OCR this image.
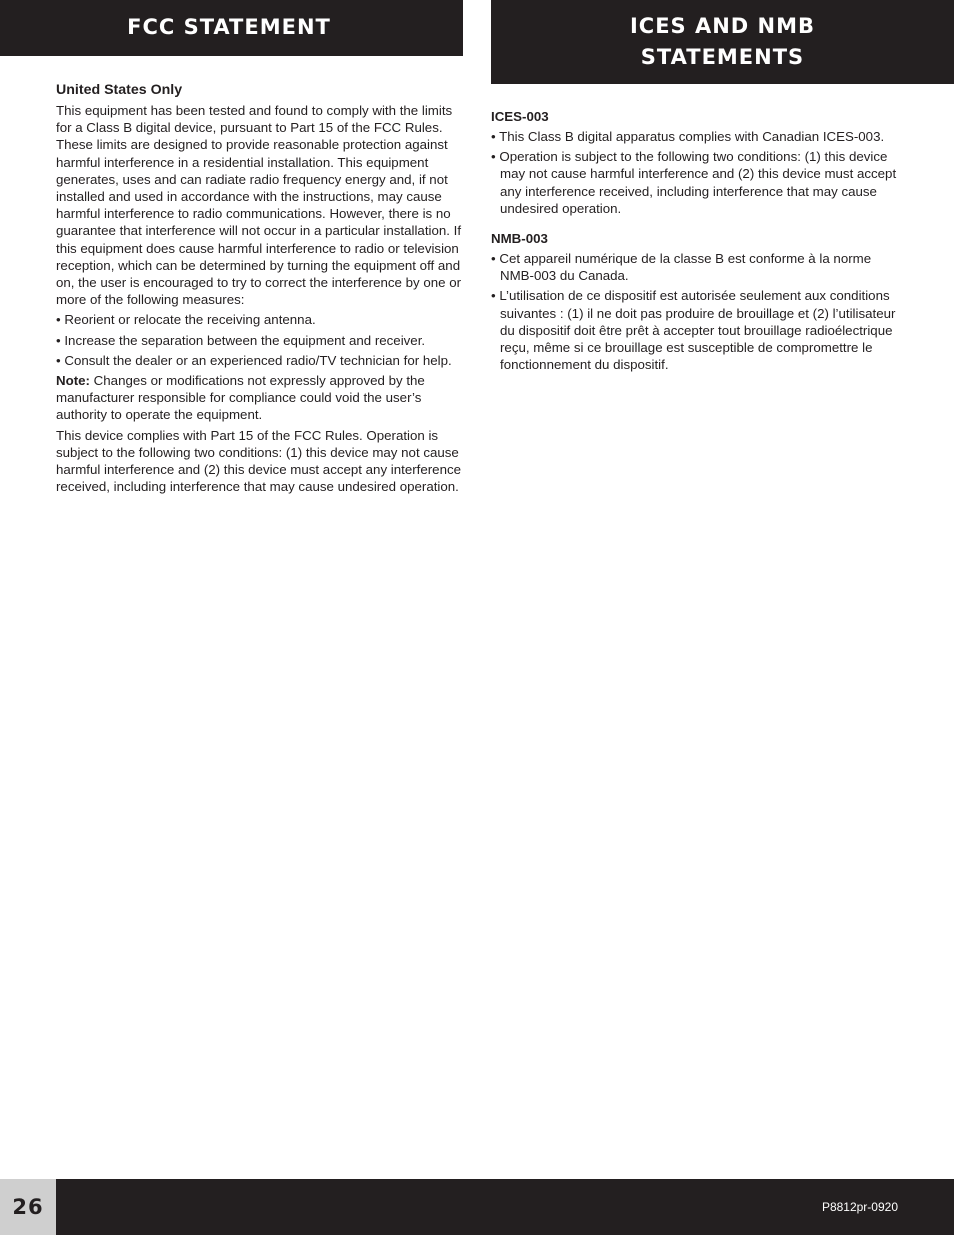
FCC STATEMENT	ICES AND NMB
STATEMENTS
United States Only

This equipment has been tested and found to comply with the limits for a Class B digital device, pursuant to Part 15 of the FCC Rules. These limits are designed to provide reasonable protection against harmful interference in a residential installation. This equipment generates, uses and can radiate radio frequency energy and, if not installed and used in accordance with the instructions, may cause harmful interference to radio communications. However, there is no guarantee that interference will not occur in a particular installation. If this equipment does cause harmful interference to radio or television reception, which can be determined by turning the equipment off and on, the user is encouraged to try to correct the interference by one or more of the following measures:

• Reorient or relocate the receiving antenna.
• Increase the separation between the equipment and receiver.
• Consult the dealer or an experienced radio/TV technician for help.

Note: Changes or modifications not expressly approved by the manufacturer responsible for compliance could void the user’s authority to operate the equipment.

This device complies with Part 15 of the FCC Rules. Operation is subject to the following two conditions: (1) this device may not cause harmful interference and (2) this device must accept any interference received, including interference that may cause undesired operation.

ICES-003
• This Class B digital apparatus complies with Canadian ICES-003.
• Operation is subject to the following two conditions: (1) this device may not cause harmful interference and (2) this device must accept any interference received, including interference that may cause undesired operation.
NMB-003
• Cet appareil numérique de la classe B est conforme à la norme NMB-003 du Canada.
• L’utilisation de ce dispositif est autorisée seulement aux conditions suivantes : (1) il ne doit pas produire de brouillage et (2) l’utilisateur du dispositif doit être prêt à accepter tout brouillage radioélectrique reçu, même si ce brouillage est susceptible de compromettre le fonctionnement du dispositif.
26	P8812pr-0920
